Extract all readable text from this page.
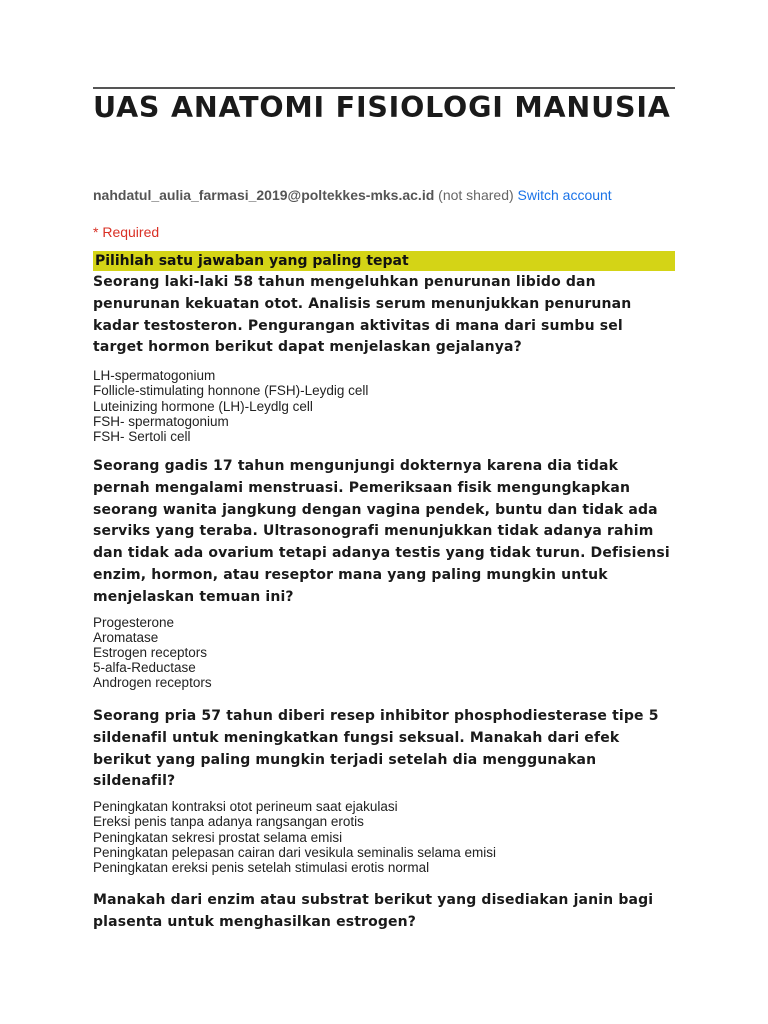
UAS ANATOMI FISIOLOGI MANUSIA
nahdatul_aulia_farmasi_2019@poltekkes-mks.ac.id (not shared) Switch account
* Required
Pilihlah satu jawaban yang paling tepat

Seorang laki-laki 58 tahun mengeluhkan penurunan libido dan penurunan kekuatan otot. Analisis serum menunjukkan penurunan kadar testosteron. Pengurangan aktivitas di mana dari sumbu sel target hormon berikut dapat menjelaskan gejalanya?

LH-spermatogonium
Follicle-stimulating honnone (FSH)-Leydig cell
Luteinizing hormone (LH)-Leydlg cell
FSH- spermatogonium
FSH- Sertoli cell

Seorang gadis 17 tahun mengunjungi dokternya karena dia tidak pernah mengalami menstruasi. Pemeriksaan fisik mengungkapkan seorang wanita jangkung dengan vagina pendek, buntu dan tidak ada serviks yang teraba. Ultrasonografi menunjukkan tidak adanya rahim dan tidak ada ovarium tetapi adanya testis yang tidak turun. Defisiensi enzim, hormon, atau reseptor mana yang paling mungkin untuk menjelaskan temuan ini?

Progesterone
Aromatase
Estrogen receptors
5-alfa-Reductase
Androgen receptors

Seorang pria 57 tahun diberi resep inhibitor phosphodiesterase tipe 5 sildenafil untuk meningkatkan fungsi seksual. Manakah dari efek berikut yang paling mungkin terjadi setelah dia menggunakan sildenafil?

Peningkatan kontraksi otot perineum saat ejakulasi
Ereksi penis tanpa adanya rangsangan erotis
Peningkatan sekresi prostat selama emisi
Peningkatan pelepasan cairan dari vesikula seminalis selama emisi
Peningkatan ereksi penis setelah stimulasi erotis normal

Manakah dari enzim atau substrat berikut yang disediakan janin bagi plasenta untuk menghasilkan estrogen?
